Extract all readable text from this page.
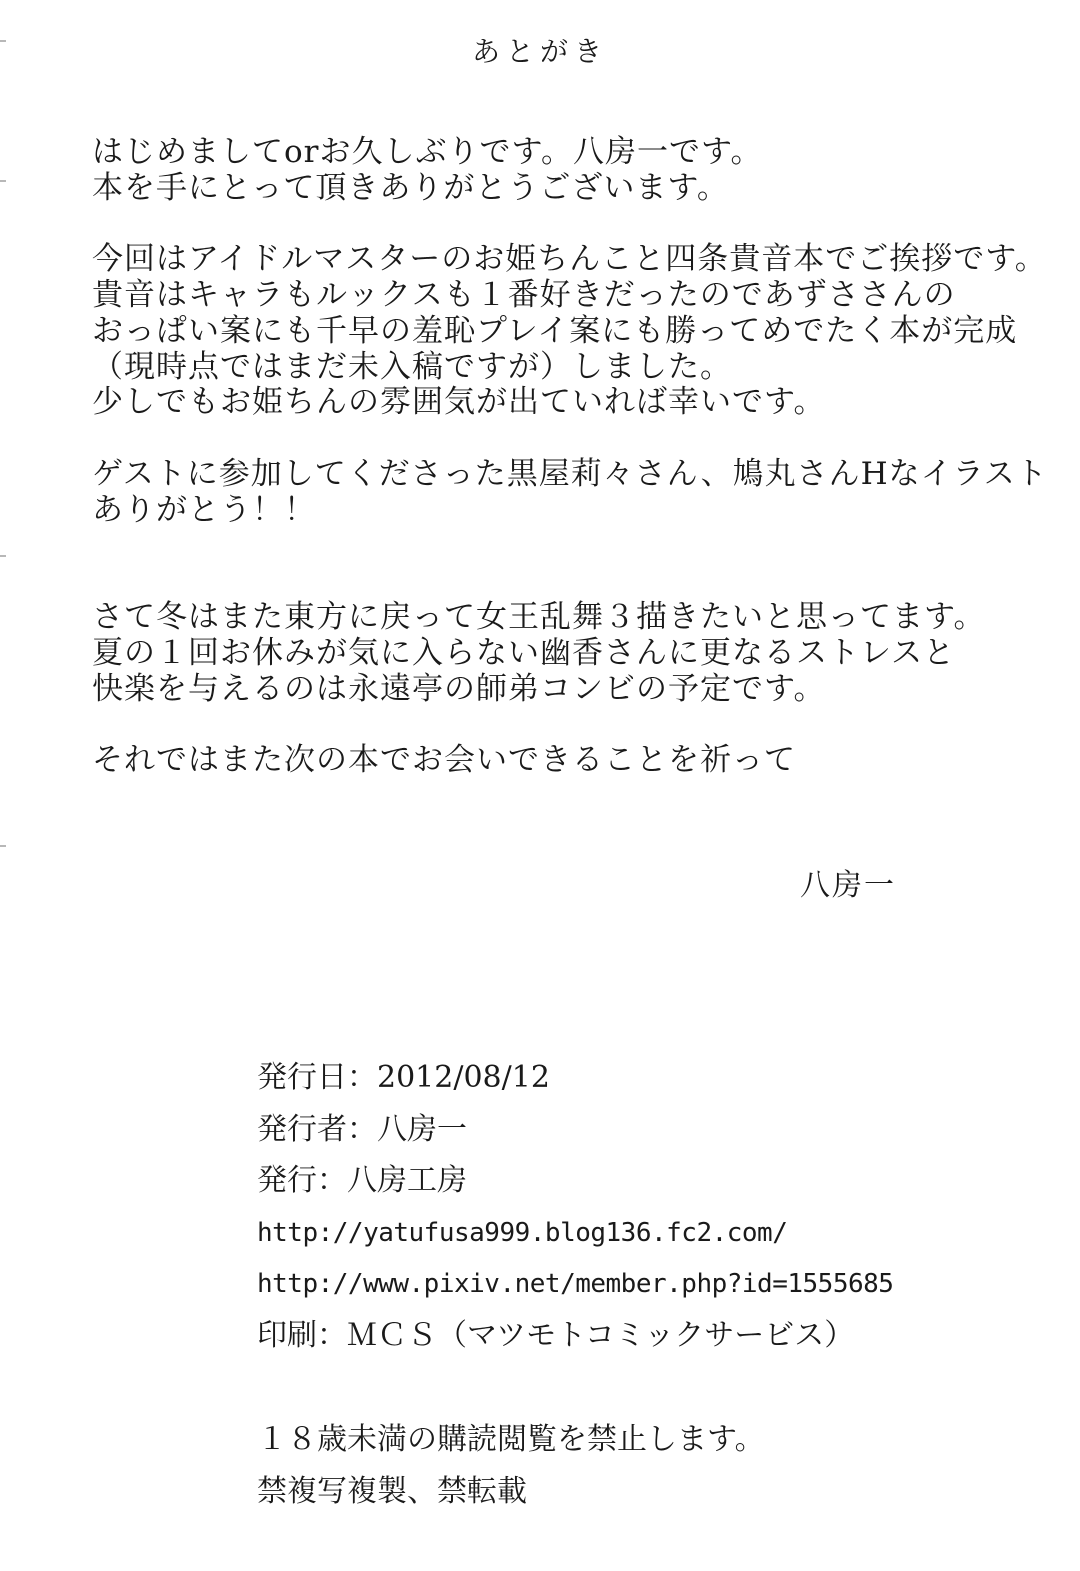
あとがき
はじめましてorお久しぶりです。八房一です。
本を手にとって頂きありがとうございます。
今回はアイドルマスターのお姫ちんこと四条貴音本でご挨拶です。
貴音はキャラもルックスも１番好きだったのであずささんの
おっぱい案にも千早の羞恥プレイ案にも勝ってめでたく本が完成
（現時点ではまだ未入稿ですが）しました。
少しでもお姫ちんの雰囲気が出ていれば幸いです。
ゲストに参加してくださった黒屋莉々さん、鳩丸さんHなイラスト
ありがとう！！
さて冬はまた東方に戻って女王乱舞３描きたいと思ってます。
夏の１回お休みが気に入らない幽香さんに更なるストレスと
快楽を与えるのは永遠亭の師弟コンビの予定です。
それではまた次の本でお会いできることを祈って
八房一
発行日：2012/08/12
発行者：八房一
発行：八房工房
http://yatufusa999.blog136.fc2.com/
http://www.pixiv.net/member.php?id=1555685
印刷：ＭＣＳ（マツモトコミックサービス）
１８歳未満の購読閲覧を禁止します。
禁複写複製、禁転載
